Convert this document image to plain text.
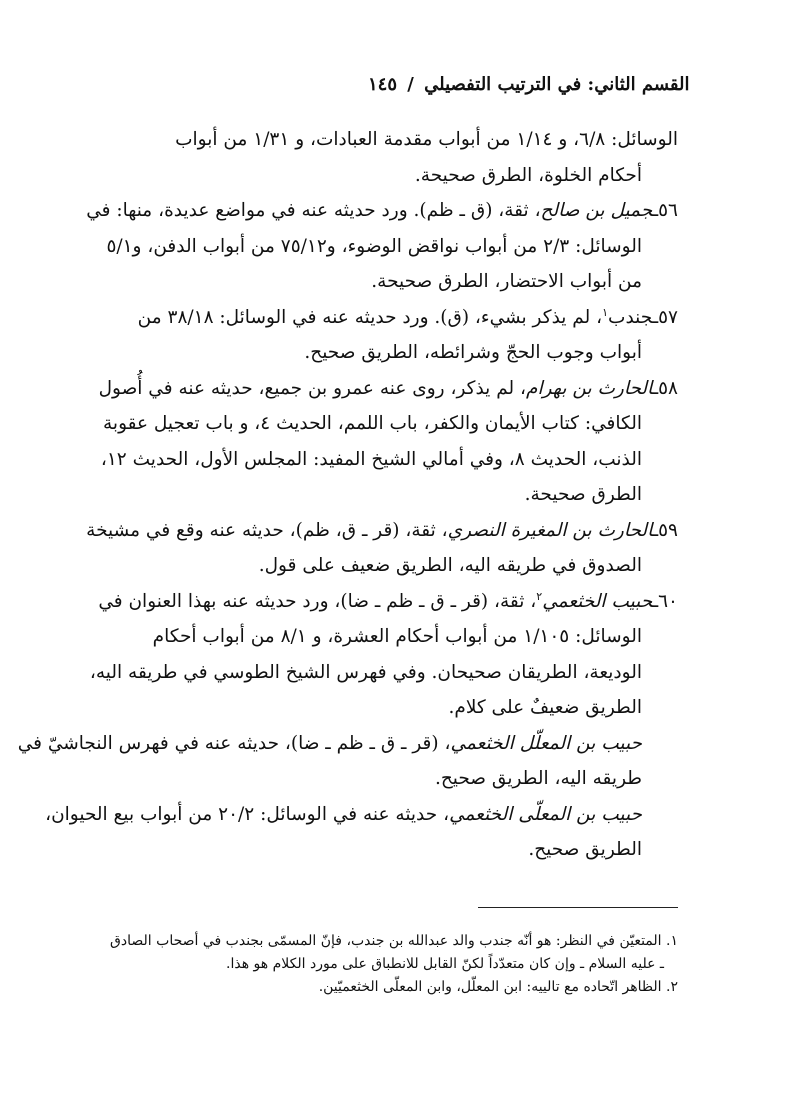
القسم الثاني: في الترتيب التفصيلي / ١٤٥
الوسائل: ٦/٨، و ١/١٤ من أبواب مقدمة العبادات، و ١/٣١ من أبواب
أحكام الخلوة، الطرق صحيحة.
٥٦ـجميل بن صالح، ثقة، (ق ـ ظم). ورد حديثه عنه في مواضع عديدة، منها: في
الوسائل: ٢/٣ من أبواب نواقض الوضوء، و٧٥/١٢ من أبواب الدفن، و٥/١
من أبواب الاحتضار، الطرق صحيحة.
٥٧ـجندب$^١$، لم يذكر بشيء، (ق). ورد حديثه عنه في الوسائل: ٣٨/١٨ من
أبواب وجوب الحجّ وشرائطه، الطريق صحيح.
٥٨ـالحارث بن بهرام، لم يذكر، روى عنه عمرو بن جميع، حديثه عنه في أُصول
الكافي: كتاب الأيمان والكفر، باب اللمم، الحديث ٤، و باب تعجيل عقوبة
الذنب، الحديث ٨، وفي أمالي الشيخ المفيد: المجلس الأول، الحديث ١٢،
الطرق صحيحة.
٥٩ـالحارث بن المغيرة النصري، ثقة، (قر ـ ق، ظم)، حديثه عنه وقع في مشيخة
الصدوق في طريقه اليه، الطريق ضعيف على قول.
٦٠ـحبيب الخثعمي$^٢$، ثقة، (قر ـ ق ـ ظم ـ ضا)، ورد حديثه عنه بهذا العنوان في
الوسائل: ١/١٠٥ من أبواب أحكام العشرة، و ٨/١ من أبواب أحكام
الوديعة، الطريقان صحيحان. وفي فهرس الشيخ الطوسي في طريقه اليه،
الطريق ضعيفٌ على كلام.
حبيب بن المعلّل الخثعمي، (قر ـ ق ـ ظم ـ ضا)، حديثه عنه في فهرس النجاشيّ في
طريقه اليه، الطريق صحيح.
حبيب بن المعلّى الخثعمي، حديثه عنه في الوسائل: ٢٠/٢ من أبواب بيع الحيوان،
الطريق صحيح.
١. المتعيّن في النظر: هو أنّه جندب والد عبدالله بن جندب، فإنّ المسمّى بجندب في أصحاب الصادق
ـ عليه السلام ـ وإن كان متعدّداً لكنّ القابل للانطباق على مورد الكلام هو هذا.
٢. الظاهر اتّحاده مع تالييه: ابن المعلّل، وابن المعلّى الخثعميّين.
